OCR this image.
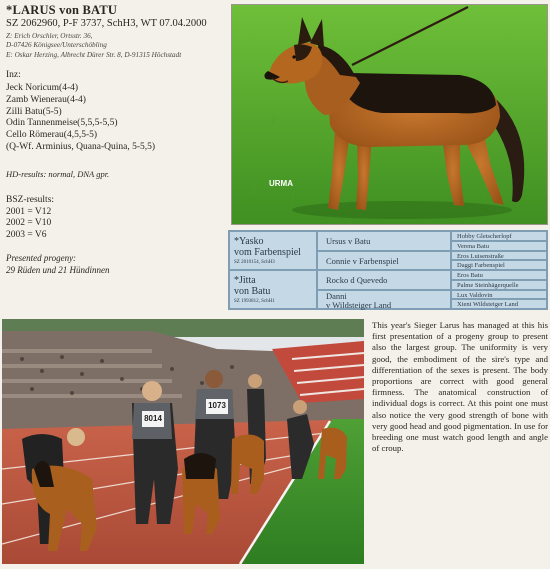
*LARUS von BATU
SZ 2062960, P-F 3737, SchH3, WT 07.04.2000
Z: Erich Orschler, Ortsstr. 36,
D-07426 Königsee/Unterschöbling
E: Oskar Herzing, Albrecht Dürer Str. 8, D-91315 Höchstadt
Inz:
Jeck Noricum(4-4)
Zamb Wienerau(4-4)
Zilli Batu(5-5)
Odin Tannenmeise(5,5,5-5,5)
Cello Römerau(4,5,5-5)
(Q-Wf. Arminius, Quana-Quina, 5-5,5)
HD-results: normal, DNA gpr.
BSZ-results:
2001 = V12
2002 = V10
2003 = V6
Presented progeny:
29 Rüden und 21 Hündinnen
URMA
*Yasko
vom Farbenspiel
SZ 2010154, SchH3
*Jitta
von Batu
SZ 1993812, SchH1
Ursus v Batu
Connie v Farbenspiel
Rocko d Quevedo
Danni
v Wildsteiger Land
Hobby Gletscherlopf
Verena Batu
Eros Luisenstraße
Daggi Farbenspiel
Eros Batu
Palme Steinhägerquelle
Lux Valdovin
Xieni Wildsteiger Land
8014
1073
This year's Sieger Larus has managed at this his first presentation of a progeny group to present also the largest group. The uniformity is very good, the embodiment of the sire's type and differentiation of the sexes is present. The body proportions are correct with good general firmness. The anatomical construction of individual dogs is correct. At this point one must also notice the very good strength of bone with very good head and good pigmentation. In use for breeding one must watch good length and angle of croup.
